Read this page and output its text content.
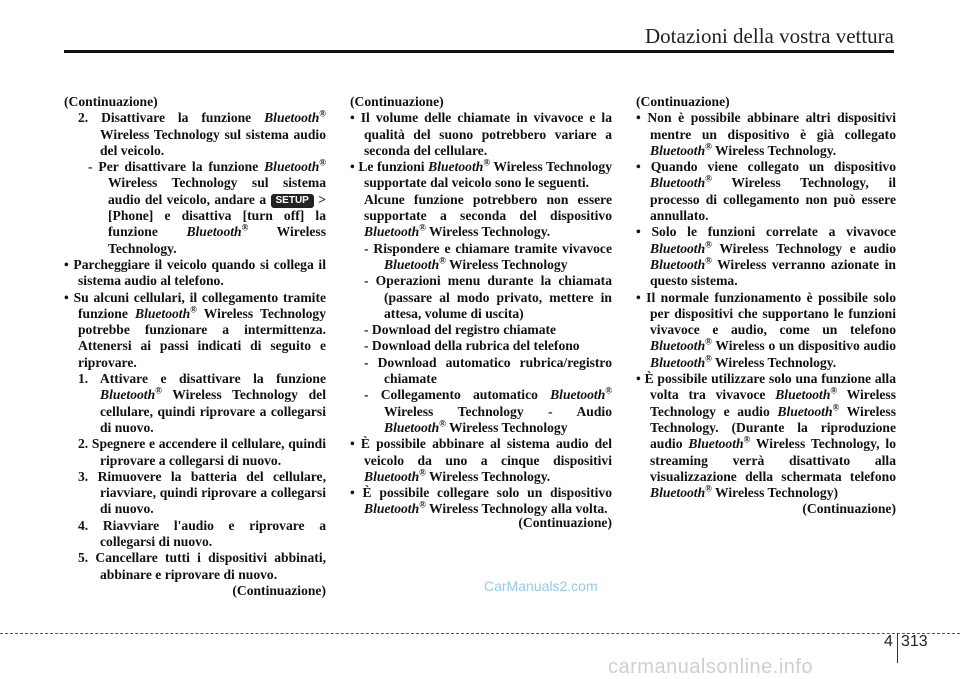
Dotazioni della vostra vettura

(Continuazione)

2. Disattivare la funzione Bluetooth® Wireless Technology sul sistema audio del veicolo.

- Per disattivare la funzione Bluetooth® Wireless Technology sul sistema audio del veicolo, andare a SETUP > [Phone] e disattiva [turn off] la funzione Bluetooth® Wireless Technology.

• Parcheggiare il veicolo quando si collega il sistema audio al telefono.

• Su alcuni cellulari, il collegamento tramite funzione Bluetooth® Wireless Technology potrebbe funzionare a intermittenza. Attenersi ai passi indicati di seguito e riprovare.

1. Attivare e disattivare la funzione Bluetooth® Wireless Technology del cellulare, quindi riprovare a collegarsi di nuovo.

2. Spegnere e accendere il cellulare, quindi riprovare a collegarsi di nuovo.

3. Rimuovere la batteria del cellulare, riavviare, quindi riprovare a collegarsi di nuovo.

4. Riavviare l'audio e riprovare a collegarsi di nuovo.

5. Cancellare tutti i dispositivi abbinati, abbinare e riprovare di nuovo.

(Continuazione)

(Continuazione)

• Il volume delle chiamate in vivavoce e la qualità del suono potrebbero variare a seconda del cellulare.

• Le funzioni Bluetooth® Wireless Technology supportate dal veicolo sono le seguenti.

Alcune funzione potrebbero non essere supportate a seconda del dispositivo Bluetooth® Wireless Technology.

- Rispondere e chiamare tramite vivavoce Bluetooth® Wireless Technology

- Operazioni menu durante la chiamata (passare al modo privato, mettere in attesa, volume di uscita)

- Download del registro chiamate

- Download della rubrica del telefono

- Download automatico rubrica/registro chiamate

- Collegamento automatico Bluetooth® Wireless Technology - Audio Bluetooth® Wireless Technology

• È possibile abbinare al sistema audio del veicolo da uno a cinque dispositivi Bluetooth® Wireless Technology.

• È possibile collegare solo un dispositivo Bluetooth® Wireless Technology alla volta.

(Continuazione)

(Continuazione)

• Non è possibile abbinare altri dispositivi mentre un dispositivo è già collegato Bluetooth® Wireless Technology.

• Quando viene collegato un dispositivo Bluetooth® Wireless Technology, il processo di collegamento non può essere annullato.

• Solo le funzioni correlate a vivavoce Bluetooth® Wireless Technology e audio Bluetooth® Wireless verranno azionate in questo sistema.

• Il normale funzionamento è possibile solo per dispositivi che supportano le funzioni vivavoce e audio, come un telefono Bluetooth® Wireless o un dispositivo audio Bluetooth® Wireless Technology.

• È possibile utilizzare solo una funzione alla volta tra vivavoce Bluetooth® Wireless Technology e audio Bluetooth® Wireless Technology. (Durante la riproduzione audio Bluetooth® Wireless Technology, lo streaming verrà disattivato alla visualizzazione della schermata telefono Bluetooth® Wireless Technology)

(Continuazione)

CarManuals2.com
4 313
carmanualsonline.info
